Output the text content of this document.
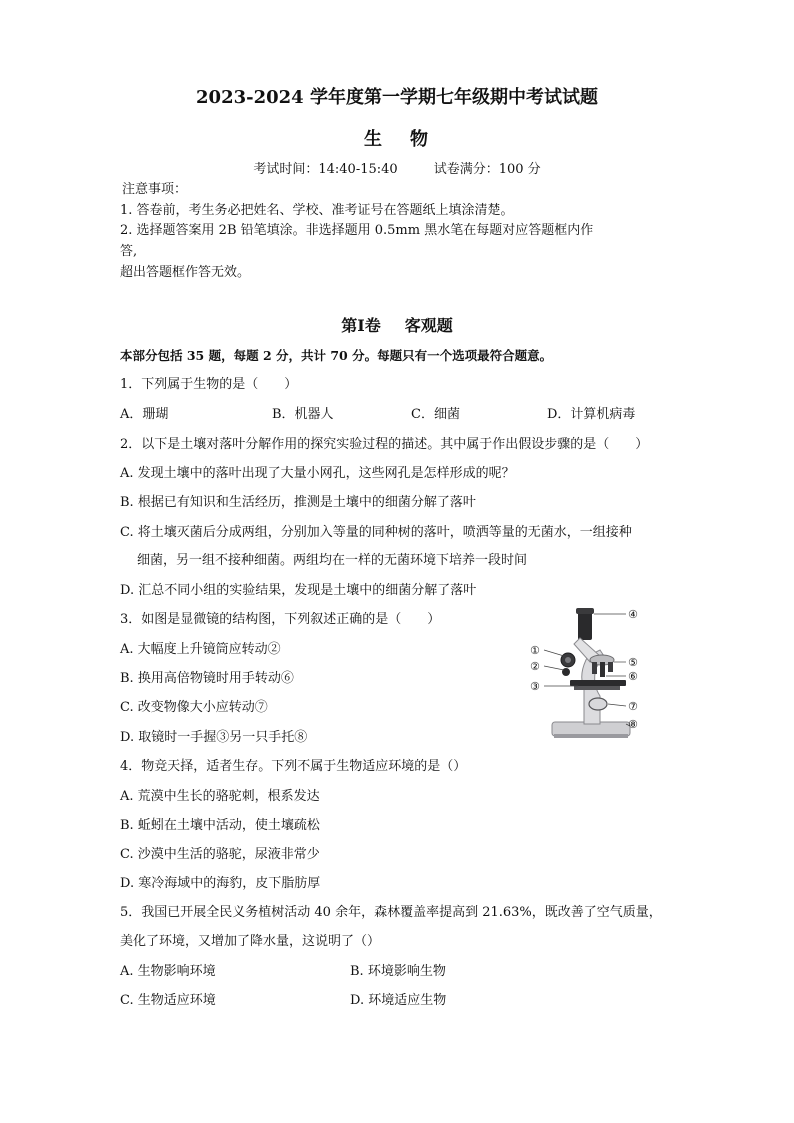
2023-2024 学年度第一学期七年级期中考试试题
生 物
考试时间：14:40-15:40	试卷满分：100 分
注意事项：
1. 答卷前，考生务必把姓名、学校、准考证号在答题纸上填涂清楚。
2. 选择题答案用 2B 铅笔填涂。非选择题用 0.5mm 黑水笔在每题对应答题框内作
答,
超出答题框作答无效。
第Ⅰ卷 客观题
本部分包括 35 题，每题 2 分，共计 70 分。每题只有一个选项最符合题意。
1．下列属于生物的是（　　）
A．珊瑚	B．机器人	C．细菌	D．计算机病毒
2．以下是土壤对落叶分解作用的探究实验过程的描述。其中属于作出假设步骤的是（　　）
A. 发现土壤中的落叶出现了大量小网孔，这些网孔是怎样形成的呢？
B. 根据已有知识和生活经历，推测是土壤中的细菌分解了落叶
C. 将土壤灭菌后分成两组，分别加入等量的同种树的落叶，喷洒等量的无菌水，一组接种
细菌，另一组不接种细菌。两组均在一样的无菌环境下培养一段时间
D. 汇总不同小组的实验结果，发现是土壤中的细菌分解了落叶
3．如图是显微镜的结构图，下列叙述正确的是（　　）
A. 大幅度上升镜筒应转动②
B. 换用高倍物镜时用手转动⑥
C. 改变物像大小应转动⑦
D. 取镜时一手握③另一只手托⑧
④
①
②
③
⑤
⑥
⑦
⑧
4．物竞天择，适者生存。下列不属于生物适应环境的是（）
A. 荒漠中生长的骆驼刺，根系发达
B. 蚯蚓在土壤中活动，使土壤疏松
C. 沙漠中生活的骆驼，尿液非常少
D. 寒冷海域中的海豹，皮下脂肪厚
5．我国已开展全民义务植树活动 40 余年，森林覆盖率提高到 21.63%，既改善了空气质量，
美化了环境，又增加了降水量，这说明了（）
A. 生物影响环境	B. 环境影响生物
C. 生物适应环境	D. 环境适应生物
